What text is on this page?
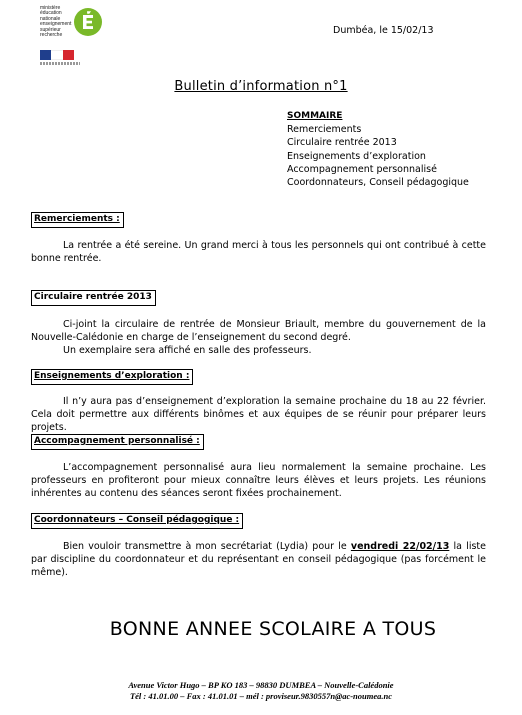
ministère
éducation
nationale
enseignement
supérieur
recherche	Dumbéa, le 15/02/13
Bulletin d’information n°1
SOMMAIRE
Remerciements
Circulaire rentrée 2013
Enseignements d’exploration
Accompagnement personnalisé
Coordonnateurs, Conseil pédagogique
Remerciements :

La rentrée a été sereine. Un grand merci à tous les personnels qui ont contribué à cette bonne rentrée.

Circulaire rentrée 2013

Ci-joint la circulaire de rentrée de Monsieur Briault, membre du gouvernement de la Nouvelle-Calédonie en charge de l’enseignement du second degré.

Un exemplaire sera affiché en salle des professeurs.

Enseignements d’exploration :

Il n’y aura pas d’enseignement d’exploration la semaine prochaine du 18 au 22 février. Cela doit permettre aux différents binômes et aux équipes de se réunir pour préparer leurs projets.

Accompagnement personnalisé :

L’accompagnement personnalisé aura lieu normalement la semaine prochaine. Les professeurs en profiteront pour mieux connaître leurs élèves et leurs projets. Les réunions inhérentes au contenu des séances seront fixées prochainement.

Coordonnateurs – Conseil pédagogique :

Bien vouloir transmettre à mon secrétariat (Lydia) pour le vendredi 22/02/13 la liste par discipline du coordonnateur et du représentant en conseil pédagogique (pas forcément le même).

BONNE ANNEE SCOLAIRE A TOUS
Avenue Victor Hugo – BP KO 183 – 98830 DUMBEA – Nouvelle-Calédonie
Tél : 41.01.00 – Fax : 41.01.01 – mél : proviseur.9830557n@ac-noumea.nc
